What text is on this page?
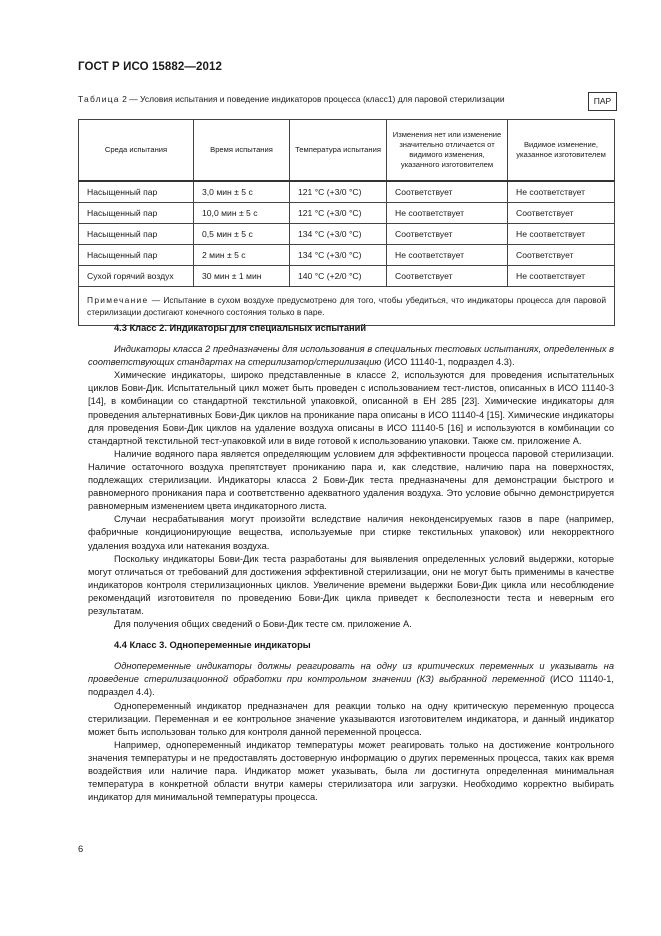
ГОСТ Р ИСО 15882—2012
Таблица 2 — Условия испытания и поведение индикаторов процесса (класс1) для паровой стерилизации	ПАР
Среда испытания	Время испытания	Температура испытания	Изменения нет или изменение значительно отличается от видимого изменения, указанного изготовителем	Видимое изменение, указанное изготовителем
Насыщенный пар	3,0 мин ± 5 с	121 °С (+3/0 °С)	Соответствует	Не соответствует
Насыщенный пар	10,0 мин ± 5 с	121 °С (+3/0 °С)	Не соответствует	Соответствует
Насыщенный пар	0,5 мин ± 5 с	134 °С (+3/0 °С)	Соответствует	Не соответствует
Насыщенный пар	2 мин ± 5 с	134 °С (+3/0 °С)	Не соответствует	Соответствует
Сухой горячий воздух	30 мин ± 1 мин	140 °С (+2/0 °С)	Соответствует	Не соответствует
Примечание — Испытание в сухом воздухе предусмотрено для того, чтобы убедиться, что индикаторы процесса для паровой стерилизации достигают конечного состояния только в паре.				
4.3 Класс 2. Индикаторы для специальных испытаний

Индикаторы класса 2 предназначены для использования в специальных тестовых испытаниях, определенных в соответствующих стандартах на стерилизатор/стерилизацию (ИСО 11140-1, подраздел 4.3).

Химические индикаторы, широко представленные в классе 2, используются для проведения испытательных циклов Бови-Дик. Испытательный цикл может быть проведен с использованием тест-листов, описанных в ИСО 11140-3 [14], в комбинации со стандартной текстильной упаковкой, описанной в ЕН 285 [23]. Химические индикаторы для проведения альтернативных Бови-Дик циклов на проникание пара описаны в ИСО 11140-4 [15]. Химические индикаторы для проведения Бови-Дик циклов на удаление воздуха описаны в ИСО 11140-5 [16] и используются в комбинации со стандартной текстильной тест-упаковкой или в виде готовой к использованию упаковки. Также см. приложение А.

Наличие водяного пара является определяющим условием для эффективности процесса паровой стерилизации. Наличие остаточного воздуха препятствует прониканию пара и, как следствие, наличию пара на поверхностях, подлежащих стерилизации. Индикаторы класса 2 Бови-Дик теста предназначены для демонстрации быстрого и равномерного проникания пара и соответственно адекватного удаления воздуха. Это условие обычно демонстрируется равномерным изменением цвета индикаторного листа.

Случаи несрабатывания могут произойти вследствие наличия неконденсируемых газов в паре (например, фабричные кондиционирующие вещества, используемые при стирке текстильных упаковок) или некорректного удаления воздуха или натекания воздуха.

Поскольку индикаторы Бови-Дик теста разработаны для выявления определенных условий выдержки, которые могут отличаться от требований для достижения эффективной стерилизации, они не могут быть применимы в качестве индикаторов контроля стерилизационных циклов. Увеличение времени выдержки Бови-Дик цикла или несоблюдение рекомендаций изготовителя по проведению Бови-Дик цикла приведет к бесполезности теста и неверным его результатам.

Для получения общих сведений о Бови-Дик тесте см. приложение А.

4.4 Класс 3. Однопеременные индикаторы

Однопеременные индикаторы должны реагировать на одну из критических переменных и указывать на проведение стерилизационной обработки при контрольном значении (КЗ) выбранной переменной (ИСО 11140-1, подраздел 4.4).

Однопеременный индикатор предназначен для реакции только на одну критическую переменную процесса стерилизации. Переменная и ее контрольное значение указываются изготовителем индикатора, и данный индикатор может быть использован только для контроля данной переменной процесса.

Например, однопеременный индикатор температуры может реагировать только на достижение контрольного значения температуры и не предоставлять достоверную информацию о других переменных процесса, таких как время воздействия или наличие пара. Индикатор может указывать, была ли достигнута определенная минимальная температура в конкретной области внутри камеры стерилизатора или загрузки. Необходимо корректно выбирать индикатор для минимальной температуры процесса.

6
